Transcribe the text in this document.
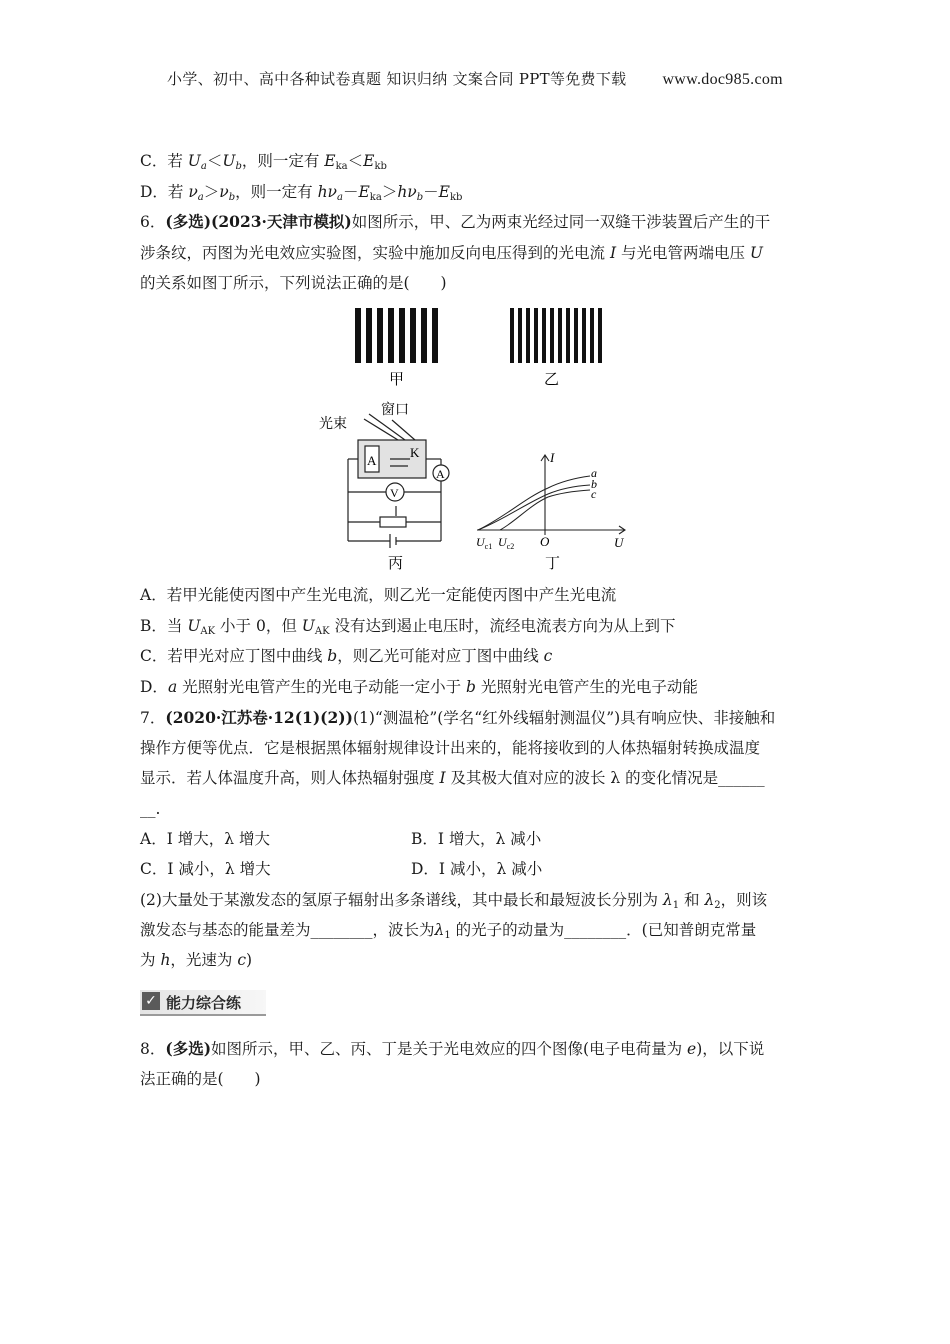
小学、初中、高中各种试卷真题 知识归纳 文案合同 PPT等免费下载 www.doc985.com
C．若 $U_a<U_b$，则一定有 $E_{ka}<E_{kb}$
D．若 $\nu_a>\nu_b$，则一定有 $h\nu_a-E_{ka}>h\nu_b-E_{kb}$
6．(多选)(2023·天津市模拟)如图所示，甲、乙为两束光经过同一双缝干涉装置后产生的干
涉条纹，丙图为光电效应实验图，实验中施加反向电压得到的光电流 I 与光电管两端电压 U
的关系如图丁所示，下列说法正确的是(　　)
甲	乙
光束
窗口
A
K
A
V
丙
I
U
O
$U_{c1}$ $U_{c2}$
a
b
c
丁
A．若甲光能使丙图中产生光电流，则乙光一定能使丙图中产生光电流
B．当 $U_{AK}$ 小于 0，但 $U_{AK}$ 没有达到遏止电压时，流经电流表方向为从上到下
C．若甲光对应丁图中曲线 b，则乙光可能对应丁图中曲线 c
D．a 光照射光电管产生的光电子动能一定小于 b 光照射光电管产生的光电子动能
7．(2020·江苏卷·12(1)(2))(1)“测温枪”(学名“红外线辐射测温仪”)具有响应快、非接触和
操作方便等优点．它是根据黑体辐射规律设计出来的，能将接收到的人体热辐射转换成温度
显示．若人体温度升高，则人体热辐射强度 I 及其极大值对应的波长 λ 的变化情况是______
__.
A．I 增大，λ 增大	B．I 增大，λ 减小
C．I 减小，λ 增大	D．I 减小，λ 减小
(2)大量处于某激发态的氢原子辐射出多条谱线，其中最长和最短波长分别为 $\lambda_1$ 和 $\lambda_2$，则该
激发态与基态的能量差为________，波长为$\lambda_1$ 的光子的动量为________．(已知普朗克常量
为 h，光速为 c)
8．(多选)如图所示，甲、乙、丙、丁是关于光电效应的四个图像(电子电荷量为 e)，以下说
法正确的是(　　)
✓ 能力综合练
